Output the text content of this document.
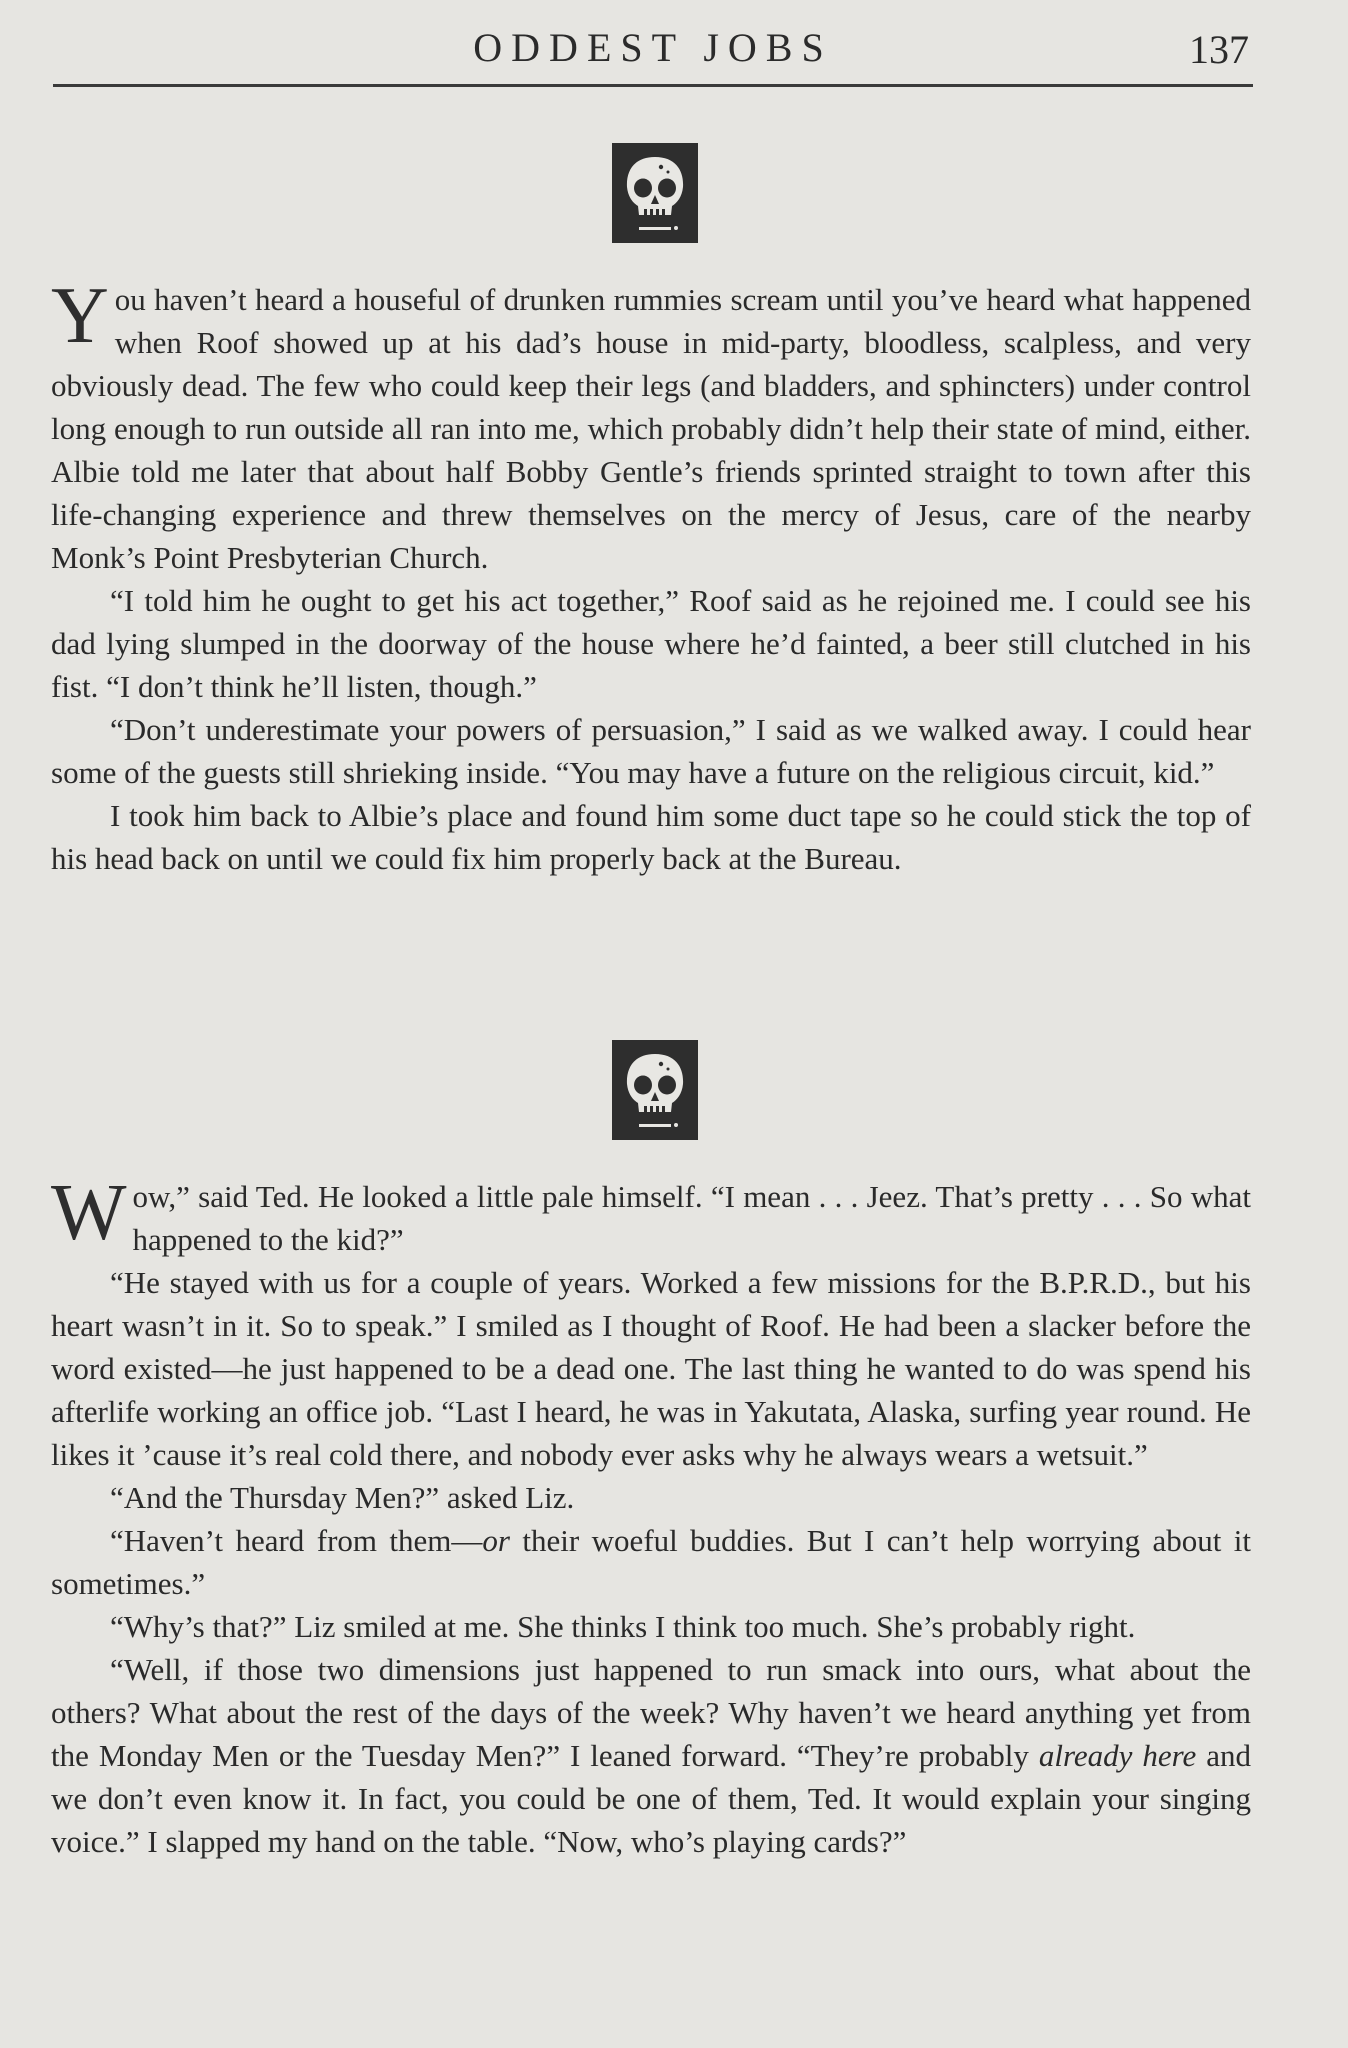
ODDEST JOBS	137

You haven’t heard a houseful of drunken rummies scream until you’ve heard what happened when Roof showed up at his dad’s house in mid-party, bloodless, scalpless, and very obviously dead. The few who could keep their legs (and bladders, and sphincters) under control long enough to run outside all ran into me, which probably didn’t help their state of mind, either. Albie told me later that about half Bobby Gentle’s friends sprinted straight to town after this life-changing experience and threw themselves on the mercy of Jesus, care of the nearby Monk’s Point Presbyterian Church.

“I told him he ought to get his act together,” Roof said as he rejoined me. I could see his dad lying slumped in the doorway of the house where he’d fainted, a beer still clutched in his fist. “I don’t think he’ll listen, though.”

“Don’t underestimate your powers of persuasion,” I said as we walked away. I could hear some of the guests still shrieking inside. “You may have a future on the religious circuit, kid.”

I took him back to Albie’s place and found him some duct tape so he could stick the top of his head back on until we could fix him properly back at the Bureau.

Wow,” said Ted. He looked a little pale himself. “I mean . . . Jeez. That’s pretty . . . So what happened to the kid?”

“He stayed with us for a couple of years. Worked a few missions for the B.P.R.D., but his heart wasn’t in it. So to speak.” I smiled as I thought of Roof. He had been a slacker before the word existed—he just happened to be a dead one. The last thing he wanted to do was spend his afterlife working an office job. “Last I heard, he was in Yakutata, Alaska, surfing year round. He likes it ’cause it’s real cold there, and nobody ever asks why he always wears a wetsuit.”

“And the Thursday Men?” asked Liz.

“Haven’t heard from them—or their woeful buddies. But I can’t help worrying about it sometimes.”

“Why’s that?” Liz smiled at me. She thinks I think too much. She’s probably right.

“Well, if those two dimensions just happened to run smack into ours, what about the others? What about the rest of the days of the week? Why haven’t we heard anything yet from the Monday Men or the Tuesday Men?” I leaned forward. “They’re probably already here and we don’t even know it. In fact, you could be one of them, Ted. It would explain your singing voice.” I slapped my hand on the table. “Now, who’s playing cards?”
